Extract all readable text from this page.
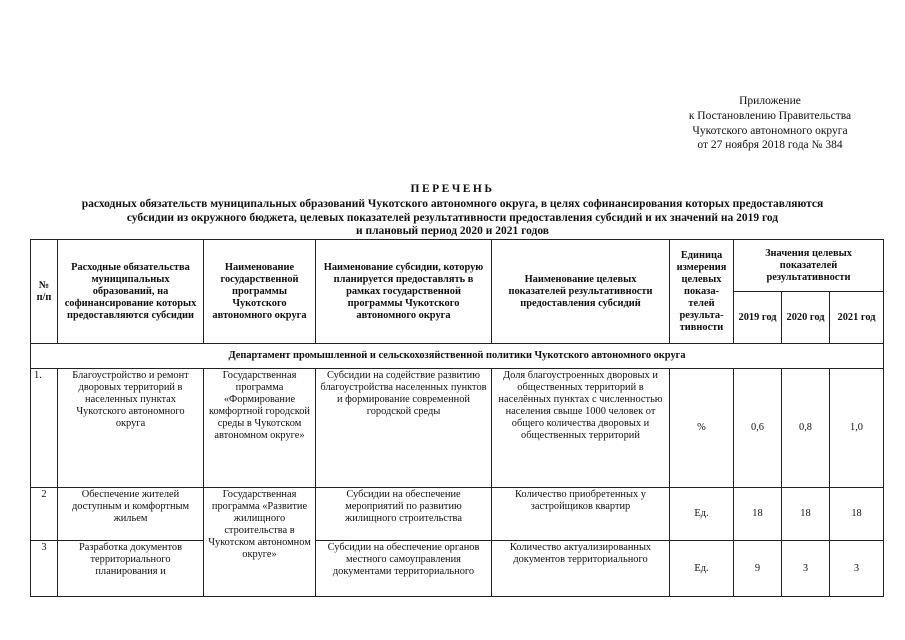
Приложение
к Постановлению Правительства
Чукотского автономного округа
от 27 ноября 2018 года № 384
ПЕРЕЧЕНЬ
расходных обязательств муниципальных образований Чукотского автономного округа, в целях софинансирования которых предоставляются
субсидии из окружного бюджета, целевых показателей результативности предоставления субсидий и их значений на 2019 год
и плановый период 2020 и 2021 годов
№ п/п	Расходные обязательства муниципальных образований, на софинансирование которых предоставляются субсидии	Наименование государственной программы Чукотского автономного округа	Наименование субсидии, которую планируется предоставлять в рамках государственной программы Чукотского автономного округа	Наименование целевых показателей результативности предоставления субсидий	Единица измерения целевых показа-телей результа-тивности	Значения целевых показателей результативности		
						2019 год	2020 год	2021 год
Департамент промышленной и сельскохозяйственной политики Чукотского автономного округа								
1.	Благоустройство и ремонт дворовых территорий в населенных пунктах Чукотского автономного округа	Государственная программа «Формирование комфортной городской среды в Чукотском автономном округе»	Субсидии на содействие развитию благоустройства населенных пунктов и формирование современной городской среды	Доля благоустроенных дворовых и общественных территорий в населённых пунктах с численностью населения свыше 1000 человек от общего количества дворовых и общественных территорий	%	0,6	0,8	1,0
2	Обеспечение жителей доступным и комфортным жильем	Государственная программа «Развитие жилищного строительства в Чукотском автономном округе»	Субсидии на обеспечение мероприятий по развитию жилищного строительства	Количество приобретенных у застройщиков квартир	Ед.	18	18	18
3	Разработка документов территориального планирования и		Субсидии на обеспечение органов местного самоуправления документами территориального	Количество актуализированных документов территориального	Ед.	9	3	3
